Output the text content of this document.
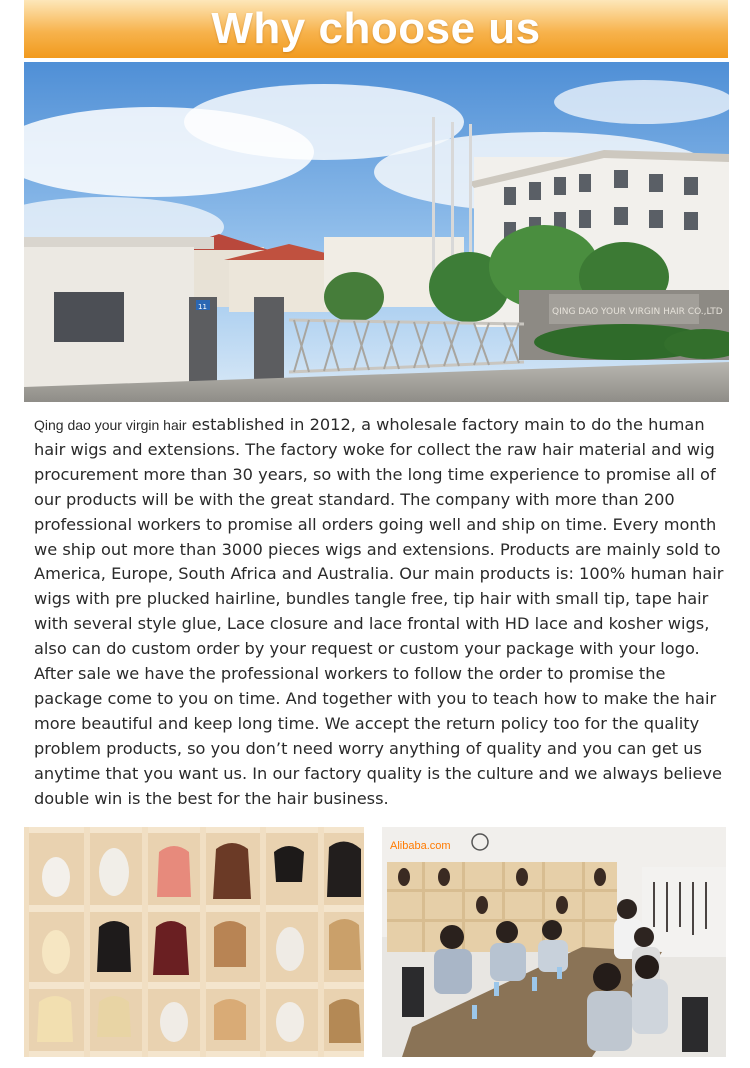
Why choose us
QING DAO YOUR VIRGIN HAIR CO.,LTD
11
Qing dao your virgin hair established in 2012, a wholesale factory main to do the human hair wigs and extensions. The factory woke for collect the raw hair material and wig procurement more than 30 years, so with the long time experience to promise all of our products will be with the great standard. The company with more than 200 professional workers to promise all orders going well and ship on time. Every month we ship out more than 3000 pieces wigs and extensions. Products are mainly sold to America, Europe, South Africa and Australia. Our main products is: 100% human hair wigs with pre plucked hairline, bundles tangle free, tip hair with small tip, tape hair with several style glue, Lace closure and lace frontal with HD lace and kosher wigs, also can do custom order by your request or custom your package with your logo. After sale we have the professional workers to follow the order to promise the package come to you on time. And together with you to teach how to make the hair more beautiful and keep long time. We accept the return policy too for the quality problem products, so you don’t need worry anything of quality and you can get us anytime that you want us. In our factory quality is the culture and we always believe double win is the best for the hair business.
Alibaba.com
